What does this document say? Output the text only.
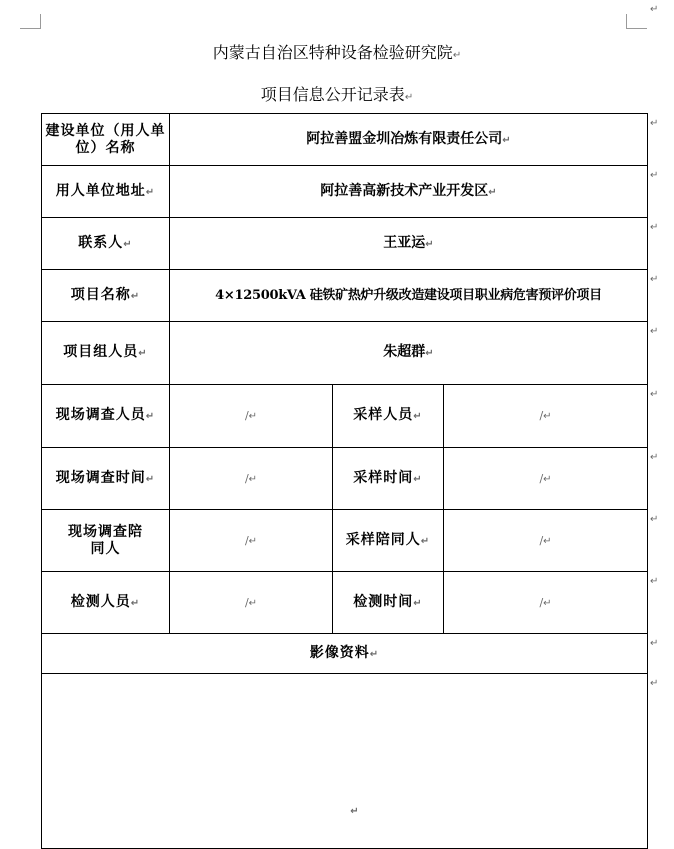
↵
内蒙古自治区特种设备检验研究院↵
项目信息公开记录表↵
建设单位（用人单位）名称	阿拉善盟金圳冶炼有限责任公司↵		
用人单位地址↵	阿拉善高新技术产业开发区↵		
联系人↵	王亚运↵		
项目名称↵	4×12500kVA 硅铁矿热炉升级改造建设项目职业病危害预评价项目		
项目组人员↵	朱超群↵		
现场调查人员↵	/↵	采样人员↵	/↵
现场调查时间↵	/↵	采样时间↵	/↵

现场调查陪同人	/↵	采样陪同人↵	/↵
检测人员↵	/↵	检测时间↵	/↵
影像资料↵			

↵			
↵
↵
↵
↵
↵
↵
↵
↵
↵
↵
↵
